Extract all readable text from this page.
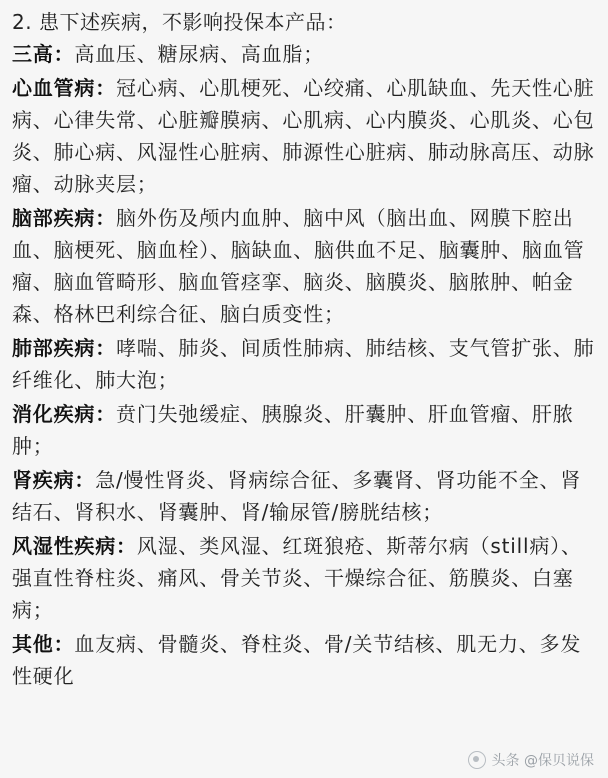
2. 患下述疾病，不影响投保本产品：

三高：高血压、糖尿病、高血脂；

心血管病：冠心病、心肌梗死、心绞痛、心肌缺血、先天性心脏病、心律失常、心脏瓣膜病、心肌病、心内膜炎、心肌炎、心包炎、肺心病、风湿性心脏病、肺源性心脏病、肺动脉高压、动脉瘤、动脉夹层；

脑部疾病：脑外伤及颅内血肿、脑中风（脑出血、网膜下腔出血、脑梗死、脑血栓）、脑缺血、脑供血不足、脑囊肿、脑血管瘤、脑血管畸形、脑血管痉挛、脑炎、脑膜炎、脑脓肿、帕金森、格林巴利综合征、脑白质变性；

肺部疾病：哮喘、肺炎、间质性肺病、肺结核、支气管扩张、肺纤维化、肺大泡；

消化疾病：贲门失弛缓症、胰腺炎、肝囊肿、肝血管瘤、肝脓肿；

肾疾病：急/慢性肾炎、肾病综合征、多囊肾、肾功能不全、肾结石、肾积水、肾囊肿、肾/输尿管/膀胱结核；

风湿性疾病：风湿、类风湿、红斑狼疮、斯蒂尔病（still病）、强直性脊柱炎、痛风、骨关节炎、干燥综合征、筋膜炎、白塞病；

其他：血友病、骨髓炎、脊柱炎、骨/关节结核、肌无力、多发性硬化

头条 @保贝说保
